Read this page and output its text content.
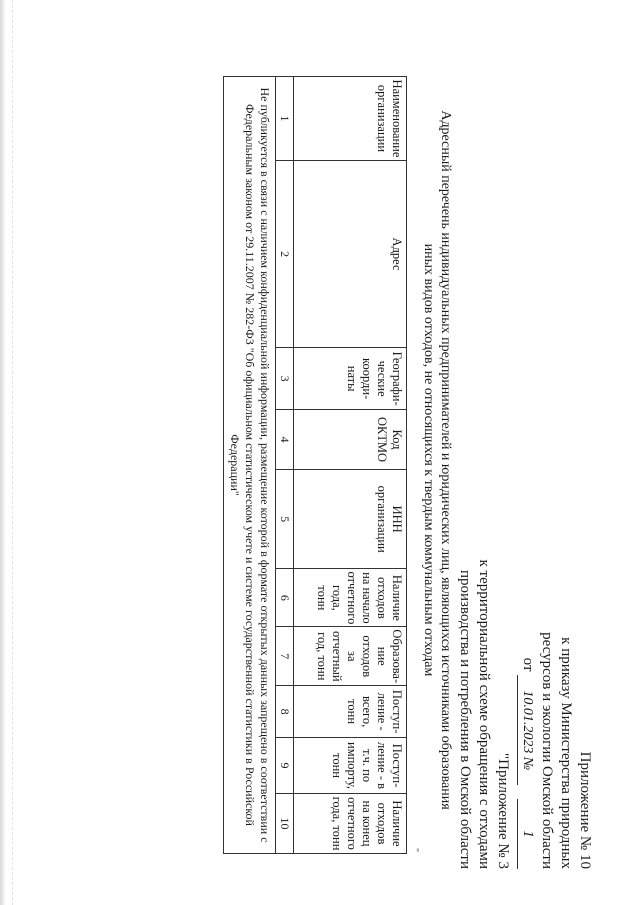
Приложение № 10
к приказу Министерства природных
ресурсов и экологии Омской области
от 10.01.2023 № 1
"Приложение № 3
к территориальной схеме обращения с отходами
производства и потребления в Омской области
Адресный перечень индивидуальных предпринимателей и юридических лиц, являющихся источниками образования
иных видов отходов, не относящихся к твердым коммунальным отходам
"
Наименование организации	Адрес	Географи-ческие коорди-наты	Код ОКТМО	ИНН организации	Наличие отходов на начало отчетного года, тонн	Образова-ние отходов за отчетный год, тонн	Поступ-ление - всего, тонн	Поступ-ление - в т.ч. по импорту, тонн	Наличие отходов на конец отчетного года, тонн
1	2	3	4	5	6	7	8	9	10
Не публикуется в связи с наличием конфиденциальной информации, размещение которой в формате открытых данных запрещено в соответствии с Федеральным законом от 29.11.2007 № 282-ФЗ "Об официальном статистическом учете и системе государственной статистики в Российской Федерации"									
